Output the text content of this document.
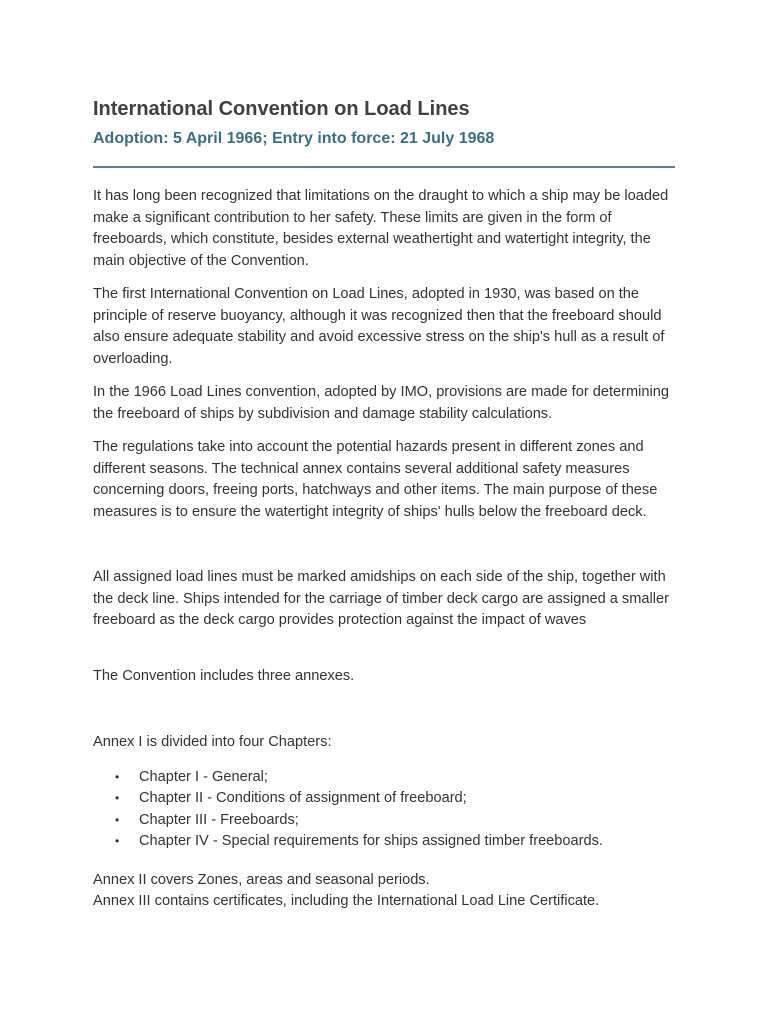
International Convention on Load Lines
Adoption: 5 April 1966; Entry into force: 21 July 1968

It has long been recognized that limitations on the draught to which a ship may be loaded make a significant contribution to her safety. These limits are given in the form of freeboards, which constitute, besides external weathertight and watertight integrity, the main objective of the Convention.

The first International Convention on Load Lines, adopted in 1930, was based on the principle of reserve buoyancy, although it was recognized then that the freeboard should also ensure adequate stability and avoid excessive stress on the ship's hull as a result of overloading.

In the 1966 Load Lines convention, adopted by IMO, provisions are made for determining the freeboard of ships by subdivision and damage stability calculations.

The regulations take into account the potential hazards present in different zones and different seasons. The technical annex contains several additional safety measures concerning doors, freeing ports, hatchways and other items. The main purpose of these measures is to ensure the watertight integrity of ships' hulls below the freeboard deck.

All assigned load lines must be marked amidships on each side of the ship, together with the deck line. Ships intended for the carriage of timber deck cargo are assigned a smaller freeboard as the deck cargo provides protection against the impact of waves

The Convention includes three annexes.

Annex I is divided into four Chapters:

• Chapter I - General;
• Chapter II - Conditions of assignment of freeboard;
• Chapter III - Freeboards;
• Chapter IV - Special requirements for ships assigned timber freeboards.

Annex II covers Zones, areas and seasonal periods.

Annex III contains certificates, including the International Load Line Certificate.
